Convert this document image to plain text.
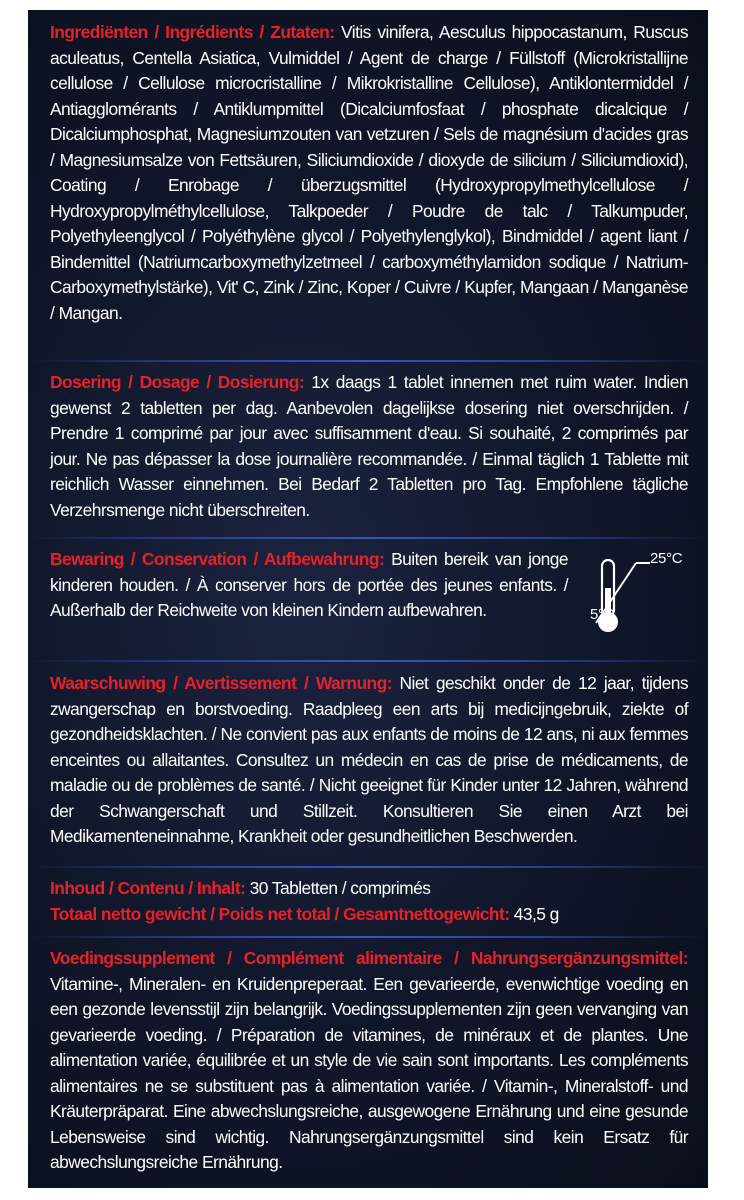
Ingrediënten / Ingrédients / Zutaten: Vitis vinifera, Aesculus hippocastanum, Ruscus aculeatus, Centella Asiatica, Vulmiddel / Agent de charge / Füllstoff (Microkristallijne cellulose / Cellulose microcristalline / Mikrokristalline Cellulose), Antiklontermiddel / Antiagglomérants / Antiklumpmittel (Dicalciumfosfaat / phosphate dicalcique / Dicalciumphosphat, Magnesiumzouten van vetzuren / Sels de magnésium d'acides gras / Magnesiumsalze von Fettsäuren, Siliciumdioxide / dioxyde de silicium / Siliciumdioxid), Coating / Enrobage / überzugsmittel (Hydroxypropylmethylcellulose / Hydroxypropylméthylcellulose, Talkpoeder / Poudre de talc / Talkumpuder, Polyethyleenglycol / Polyéthylène glycol / Polyethylenglykol), Bindmiddel / agent liant / Bindemittel (Natriumcarboxymethylzetmeel / carboxyméthylamidon sodique / Natrium-Carboxymethylstärke), Vit' C, Zink / Zinc, Koper / Cuivre / Kupfer, Mangaan / Manganèse / Mangan.
Dosering / Dosage / Dosierung: 1x daags 1 tablet innemen met ruim water. Indien gewenst 2 tabletten per dag. Aanbevolen dagelijkse dosering niet overschrijden. / Prendre 1 comprimé par jour avec suffisamment d'eau. Si souhaité, 2 comprimés par jour. Ne pas dépasser la dose journalière recommandée. / Einmal täglich 1 Tablette mit reichlich Wasser einnehmen. Bei Bedarf 2 Tabletten pro Tag. Empfohlene tägliche Verzehrsmenge nicht überschreiten.
Bewaring / Conservation / Aufbewahrung: Buiten bereik van jonge kinderen houden. / À conserver hors de portée des jeunes enfants. / Außerhalb der Reichweite von kleinen Kindern aufbewahren.
25°C
5°C
Waarschuwing / Avertissement / Warnung: Niet geschikt onder de 12 jaar, tijdens zwangerschap en borstvoeding. Raadpleeg een arts bij medicijngebruik, ziekte of gezondheidsklachten. / Ne convient pas aux enfants de moins de 12 ans, ni aux femmes enceintes ou allaitantes. Consultez un médecin en cas de prise de médicaments, de maladie ou de problèmes de santé. / Nicht geeignet für Kinder unter 12 Jahren, während der Schwangerschaft und Stillzeit. Konsultieren Sie einen Arzt bei Medikamenteneinnahme, Krankheit oder gesundheitlichen Beschwerden.
Inhoud / Contenu / Inhalt: 30 Tabletten / comprimés
Totaal netto gewicht / Poids net total / Gesamtnettogewicht: 43,5 g
Voedingssupplement / Complément alimentaire / Nahrungsergänzungsmittel: Vitamine-, Mineralen- en Kruidenpreperaat. Een gevarieerde, evenwichtige voeding en een gezonde levensstijl zijn belangrijk. Voedingssupplementen zijn geen vervanging van gevarieerde voeding. / Préparation de vitamines, de minéraux et de plantes. Une alimentation variée, équilibrée et un style de vie sain sont importants. Les compléments alimentaires ne se substituent pas à alimentation variée. / Vitamin-, Mineralstoff- und Kräuterpräparat. Eine abwechslungsreiche, ausgewogene Ernährung und eine gesunde Lebensweise sind wichtig. Nahrungsergänzungsmittel sind kein Ersatz für abwechslungsreiche Ernährung.
